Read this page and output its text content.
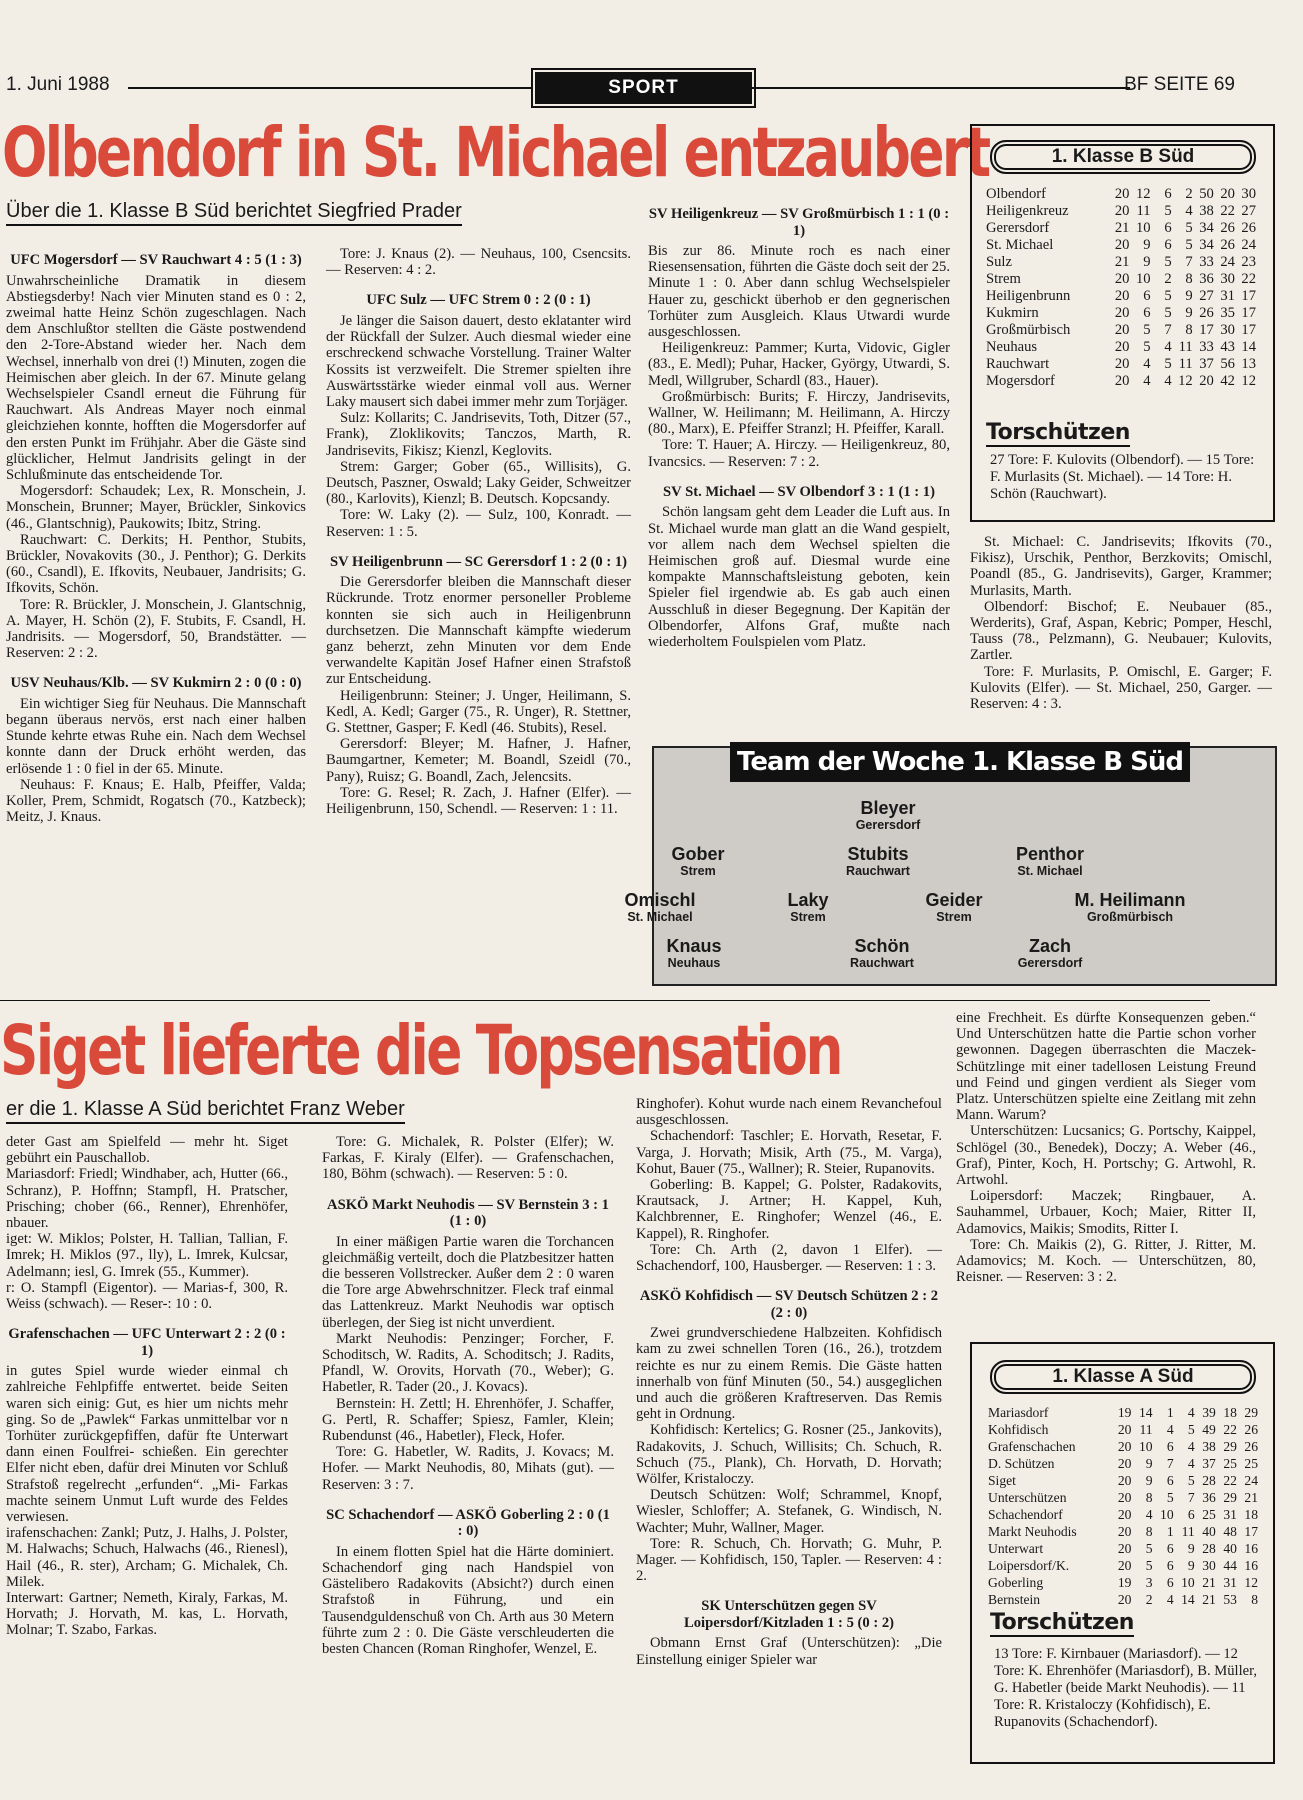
1. Juni 1988	SPORT	BF SEITE 69
Olbendorf in St. Michael entzaubert
Über die 1. Klasse B Süd berichtet Siegfried Prader
UFC Mogersdorf — SV Rauchwart 4 : 5 (1 : 3)

Unwahrscheinliche Dramatik in diesem Abstiegsderby! Nach vier Minuten stand es 0 : 2, zweimal hatte Heinz Schön zugeschlagen. Nach dem Anschlußtor stellten die Gäste postwendend den 2-Tore-Abstand wieder her. Nach dem Wechsel, innerhalb von drei (!) Minuten, zogen die Heimischen aber gleich. In der 67. Minute gelang Wechselspieler Csandl erneut die Führung für Rauchwart. Als Andreas Mayer noch einmal gleichziehen konnte, hofften die Mogersdorfer auf den ersten Punkt im Frühjahr. Aber die Gäste sind glücklicher, Helmut Jandrisits gelingt in der Schlußminute das entscheidende Tor.

Mogersdorf: Schaudek; Lex, R. Monschein, J. Monschein, Brunner; Mayer, Brückler, Sinkovics (46., Glantschnig), Paukowits; Ibitz, String.

Rauchwart: C. Derkits; H. Penthor, Stubits, Brückler, Novakovits (30., J. Penthor); G. Derkits (60., Csandl), E. Ifkovits, Neubauer, Jandrisits; G. Ifkovits, Schön.

Tore: R. Brückler, J. Monschein, J. Glantschnig, A. Mayer, H. Schön (2), F. Stubits, F. Csandl, H. Jandrisits. — Mogersdorf, 50, Brandstätter. — Reserven: 2 : 2.

USV Neuhaus/Klb. — SV Kukmirn 2 : 0 (0 : 0)

Ein wichtiger Sieg für Neuhaus. Die Mannschaft begann überaus nervös, erst nach einer halben Stunde kehrte etwas Ruhe ein. Nach dem Wechsel konnte dann der Druck erhöht werden, das erlösende 1 : 0 fiel in der 65. Minute.

Neuhaus: F. Knaus; E. Halb, Pfeiffer, Valda; Koller, Prem, Schmidt, Rogatsch (70., Katzbeck); Meitz, J. Knaus.

Tore: J. Knaus (2). — Neuhaus, 100, Csencsits. — Reserven: 4 : 2.

UFC Sulz — UFC Strem 0 : 2 (0 : 1)

Je länger die Saison dauert, desto eklatanter wird der Rückfall der Sulzer. Auch diesmal wieder eine erschreckend schwache Vorstellung. Trainer Walter Kossits ist verzweifelt. Die Stremer spielten ihre Auswärtsstärke wieder einmal voll aus. Werner Laky mausert sich dabei immer mehr zum Torjäger.

Sulz: Kollarits; C. Jandrisevits, Toth, Ditzer (57., Frank), Zloklikovits; Tanczos, Marth, R. Jandrisevits, Fikisz; Kienzl, Keglovits.

Strem: Garger; Gober (65., Willisits), G. Deutsch, Paszner, Oswald; Laky Geider, Schweitzer (80., Karlovits), Kienzl; B. Deutsch. Kopcsandy.

Tore: W. Laky (2). — Sulz, 100, Konradt. — Reserven: 1 : 5.

SV Heiligenbrunn — SC Gerersdorf 1 : 2 (0 : 1)

Die Gerersdorfer bleiben die Mannschaft dieser Rückrunde. Trotz enormer personeller Probleme konnten sie sich auch in Heiligenbrunn durchsetzen. Die Mannschaft kämpfte wiederum ganz beherzt, zehn Minuten vor dem Ende verwandelte Kapitän Josef Hafner einen Strafstoß zur Entscheidung.

Heiligenbrunn: Steiner; J. Unger, Heilimann, S. Kedl, A. Kedl; Garger (75., R. Unger), R. Stettner, G. Stettner, Gasper; F. Kedl (46. Stubits), Resel.

Gerersdorf: Bleyer; M. Hafner, J. Hafner, Baumgartner, Kemeter; M. Boandl, Szeidl (70., Pany), Ruisz; G. Boandl, Zach, Jelencsits.

Tore: G. Resel; R. Zach, J. Hafner (Elfer). — Heiligenbrunn, 150, Schendl. — Reserven: 1 : 11.

SV Heiligenkreuz — SV Großmürbisch 1 : 1 (0 : 1)

Bis zur 86. Minute roch es nach einer Riesensensation, führten die Gäste doch seit der 25. Minute 1 : 0. Aber dann schlug Wechselspieler Hauer zu, geschickt überhob er den gegnerischen Torhüter zum Ausgleich. Klaus Utwardi wurde ausgeschlossen.

Heiligenkreuz: Pammer; Kurta, Vidovic, Gigler (83., E. Medl); Puhar, Hacker, György, Utwardi, S. Medl, Willgruber, Schardl (83., Hauer).

Großmürbisch: Burits; F. Hirczy, Jandrisevits, Wallner, W. Heilimann; M. Heilimann, A. Hirczy (80., Marx), E. Pfeiffer Stranzl; H. Pfeiffer, Karall.

Tore: T. Hauer; A. Hirczy. — Heiligenkreuz, 80, Ivancsics. — Reserven: 7 : 2.

SV St. Michael — SV Olbendorf 3 : 1 (1 : 1)

Schön langsam geht dem Leader die Luft aus. In St. Michael wurde man glatt an die Wand gespielt, vor allem nach dem Wechsel spielten die Heimischen groß auf. Diesmal wurde eine kompakte Mannschaftsleistung geboten, kein Spieler fiel irgendwie ab. Es gab auch einen Ausschluß in dieser Begegnung. Der Kapitän der Olbendorfer, Alfons Graf, mußte nach wiederholtem Foulspielen vom Platz.

1. Klasse B Süd
Olbendorf	20	12	6	2	50	20	30
Heiligenkreuz	20	11	5	4	38	22	27
Gerersdorf	21	10	6	5	34	26	26
St. Michael	20	9	6	5	34	26	24
Sulz	21	9	5	7	33	24	23
Strem	20	10	2	8	36	30	22
Heiligenbrunn	20	6	5	9	27	31	17
Kukmirn	20	6	5	9	26	35	17
Großmürbisch	20	5	7	8	17	30	17
Neuhaus	20	5	4	11	33	43	14
Rauchwart	20	4	5	11	37	56	13
Mogersdorf	20	4	4	12	20	42	12
Torschützen
27 Tore: F. Kulovits (Olbendorf). — 15 Tore: F. Murlasits (St. Michael). — 14 Tore: H. Schön (Rauchwart).

St. Michael: C. Jandrisevits; Ifkovits (70., Fikisz), Urschik, Penthor, Berzkovits; Omischl, Poandl (85., G. Jandrisevits), Garger, Krammer; Murlasits, Marth.

Olbendorf: Bischof; E. Neubauer (85., Werderits), Graf, Aspan, Kebric; Pomper, Heschl, Tauss (78., Pelzmann), G. Neubauer; Kulovits, Zartler.

Tore: F. Murlasits, P. Omischl, E. Garger; F. Kulovits (Elfer). — St. Michael, 250, Garger. — Reserven: 4 : 3.

Team der Woche 1. Klasse B Süd
Bleyer
Gerersdorf
Gober
Strem
Stubits
Rauchwart
Penthor
St. Michael
Omischl
St. Michael
Laky
Strem
Geider
Strem
M. Heilimann
Großmürbisch
Knaus
Neuhaus
Schön
Rauchwart
Zach
Gerersdorf
Siget lieferte die Topsensation
er die 1. Klasse A Süd berichtet Franz Weber

deter Gast am Spielfeld — mehr ht. Siget gebührt ein Pauschallob.

Mariasdorf: Friedl; Windhaber, ach, Hutter (66., Schranz), P. Hoffnn; Stampfl, H. Pratscher, Prisching; chober (66., Renner), Ehrenhöfer, nbauer.

iget: W. Miklos; Polster, H. Tallian, Tallian, F. Imrek; H. Miklos (97., lly), L. Imrek, Kulcsar, Adelmann; iesl, G. Imrek (55., Kummer).

r: O. Stampfl (Eigentor). — Marias-f, 300, R. Weiss (schwach). — Reser-: 10 : 0.

Grafenschachen — UFC Unterwart 2 : 2 (0 : 1)

in gutes Spiel wurde wieder einmal ch zahlreiche Fehlpfiffe entwertet. beide Seiten waren sich einig: Gut, es hier um nichts mehr ging. So de „Pawlek“ Farkas unmittelbar vor n Torhüter zurückgepfiffen, dafür fte Unterwart dann einen Foulfrei- schießen. Ein gerechter Elfer nicht eben, dafür drei Minuten vor Schluß Strafstoß regelrecht „erfunden“. „Mi- Farkas machte seinem Unmut Luft wurde des Feldes verwiesen.

irafenschachen: Zankl; Putz, J. Halhs, J. Polster, M. Halwachs; Schuch, Halwachs (46., Rienesl), Hail (46., R. ster), Archam; G. Michalek, Ch. Milek.

Interwart: Gartner; Nemeth, Kiraly, Farkas, M. Horvath; J. Horvath, M. kas, L. Horvath, Molnar; T. Szabo, Farkas.

Tore: G. Michalek, R. Polster (Elfer); W. Farkas, F. Kiraly (Elfer). — Grafenschachen, 180, Böhm (schwach). — Reserven: 5 : 0.

ASKÖ Markt Neuhodis — SV Bernstein 3 : 1 (1 : 0)

In einer mäßigen Partie waren die Torchancen gleichmäßig verteilt, doch die Platzbesitzer hatten die besseren Vollstrecker. Außer dem 2 : 0 waren die Tore arge Abwehrschnitzer. Fleck traf einmal das Lattenkreuz. Markt Neuhodis war optisch überlegen, der Sieg ist nicht unverdient.

Markt Neuhodis: Penzinger; Forcher, F. Schoditsch, W. Radits, A. Schoditsch; J. Radits, Pfandl, W. Orovits, Horvath (70., Weber); G. Habetler, R. Tader (20., J. Kovacs).

Bernstein: H. Zettl; H. Ehrenhöfer, J. Schaffer, G. Pertl, R. Schaffer; Spiesz, Famler, Klein; Rubendunst (46., Habetler), Fleck, Hofer.

Tore: G. Habetler, W. Radits, J. Kovacs; M. Hofer. — Markt Neuhodis, 80, Mihats (gut). — Reserven: 3 : 7.

SC Schachendorf — ASKÖ Goberling 2 : 0 (1 : 0)

In einem flotten Spiel hat die Härte dominiert. Schachendorf ging nach Handspiel von Gästelibero Radakovits (Absicht?) durch einen Strafstoß in Führung, und ein Tausendguldenschuß von Ch. Arth aus 30 Metern führte zum 2 : 0. Die Gäste verschleuderten die besten Chancen (Roman Ringhofer, Wenzel, E.

Ringhofer). Kohut wurde nach einem Revanchefoul ausgeschlossen.

Schachendorf: Taschler; E. Horvath, Resetar, F. Varga, J. Horvath; Misik, Arth (75., M. Varga), Kohut, Bauer (75., Wallner); R. Steier, Rupanovits.

Goberling: B. Kappel; G. Polster, Radakovits, Krautsack, J. Artner; H. Kappel, Kuh, Kalchbrenner, E. Ringhofer; Wenzel (46., E. Kappel), R. Ringhofer.

Tore: Ch. Arth (2, davon 1 Elfer). — Schachendorf, 100, Hausberger. — Reserven: 1 : 3.

ASKÖ Kohfidisch — SV Deutsch Schützen 2 : 2 (2 : 0)

Zwei grundverschiedene Halbzeiten. Kohfidisch kam zu zwei schnellen Toren (16., 26.), trotzdem reichte es nur zu einem Remis. Die Gäste hatten innerhalb von fünf Minuten (50., 54.) ausgeglichen und auch die größeren Kraftreserven. Das Remis geht in Ordnung.

Kohfidisch: Kertelics; G. Rosner (25., Jankovits), Radakovits, J. Schuch, Willisits; Ch. Schuch, R. Schuch (75., Plank), Ch. Horvath, D. Horvath; Wölfer, Kristaloczy.

Deutsch Schützen: Wolf; Schrammel, Knopf, Wiesler, Schloffer; A. Stefanek, G. Windisch, N. Wachter; Muhr, Wallner, Mager.

Tore: R. Schuch, Ch. Horvath; G. Muhr, P. Mager. — Kohfidisch, 150, Tapler. — Reserven: 4 : 2.

SK Unterschützen gegen SV Loipersdorf/Kitzladen 1 : 5 (0 : 2)

Obmann Ernst Graf (Unterschützen): „Die Einstellung einiger Spieler war

eine Frechheit. Es dürfte Konsequenzen geben.“ Und Unterschützen hatte die Partie schon vorher gewonnen. Dagegen überraschten die Maczek-Schützlinge mit einer tadellosen Leistung Freund und Feind und gingen verdient als Sieger vom Platz. Unterschützen spielte eine Zeitlang mit zehn Mann. Warum?

Unterschützen: Lucsanics; G. Portschy, Kaippel, Schlögel (30., Benedek), Doczy; A. Weber (46., Graf), Pinter, Koch, H. Portschy; G. Artwohl, R. Artwohl.

Loipersdorf: Maczek; Ringbauer, A. Sauhammel, Urbauer, Koch; Maier, Ritter II, Adamovics, Maikis; Smodits, Ritter I.

Tore: Ch. Maikis (2), G. Ritter, J. Ritter, M. Adamovics; M. Koch. — Unterschützen, 80, Reisner. — Reserven: 3 : 2.

1. Klasse A Süd
Mariasdorf	19	14	1	4	39	18	29
Kohfidisch	20	11	4	5	49	22	26
Grafenschachen	20	10	6	4	38	29	26
D. Schützen	20	9	7	4	37	25	25
Siget	20	9	6	5	28	22	24
Unterschützen	20	8	5	7	36	29	21
Schachendorf	20	4	10	6	25	31	18
Markt Neuhodis	20	8	1	11	40	48	17
Unterwart	20	5	6	9	28	40	16
Loipersdorf/K.	20	5	6	9	30	44	16
Goberling	19	3	6	10	21	31	12
Bernstein	20	2	4	14	21	53	8
Torschützen
13 Tore: F. Kirnbauer (Mariasdorf). — 12 Tore: K. Ehrenhöfer (Mariasdorf), B. Müller, G. Habetler (beide Markt Neuhodis). — 11 Tore: R. Kristaloczy (Kohfidisch), E. Rupanovits (Schachendorf).
